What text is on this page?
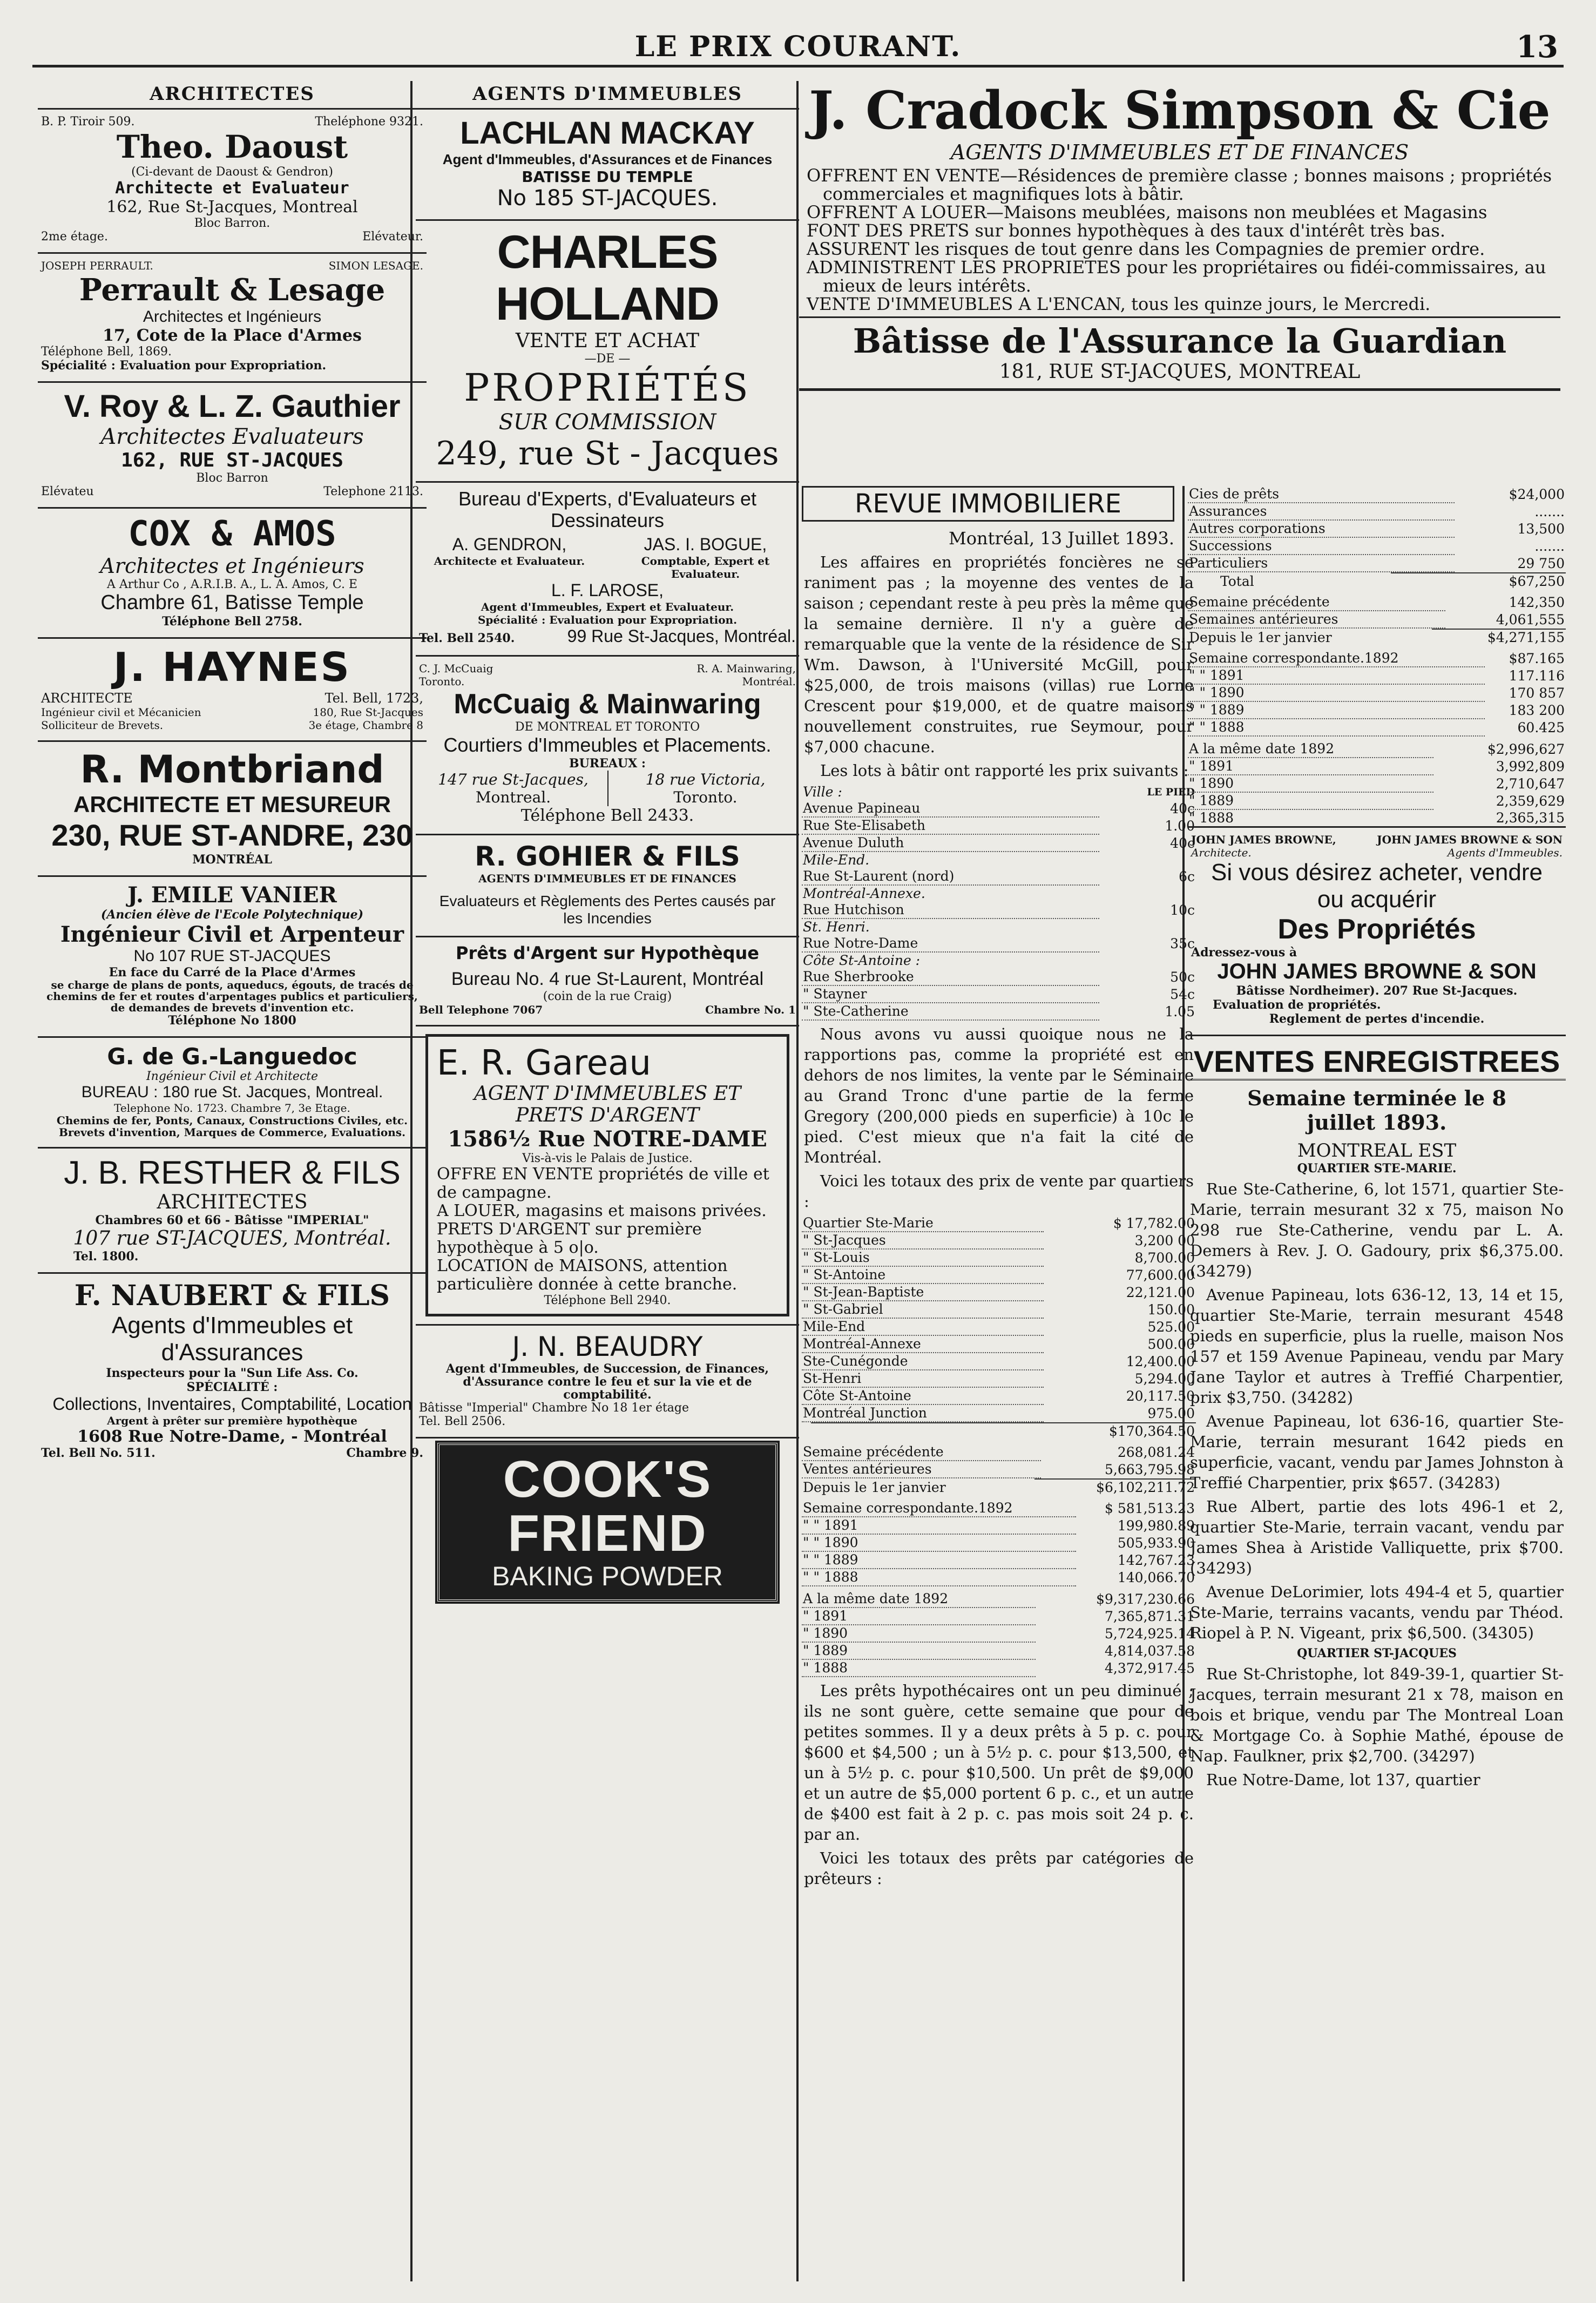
LE PRIX COURANT.	13
ARCHITECTES
B. P. Tiroir 509.	Theléphone 9321.
Theo. Daoust
(Ci-devant de Daoust & Gendron)
Architecte et Evaluateur
162, Rue St-Jacques, Montreal
Bloc Barron.
2me étage.	Elévateur.
JOSEPH PERRAULT.	SIMON LESAGE.
Perrault & Lesage
Architectes et Ingénieurs
17, Cote de la Place d'Armes
Téléphone Bell, 1869.
Spécialité : Evaluation pour Expropriation.
V. Roy & L. Z. Gauthier
Architectes Evaluateurs
162, RUE ST-JACQUES
Bloc Barron
Elévateu	Telephone 2113.
COX & AMOS
Architectes et Ingénieurs
A Arthur Co , A.R.I.B. A., L. A. Amos, C. E
Chambre 61, Batisse Temple
Téléphone Bell 2758.
J. HAYNES
ARCHITECTE	Tel. Bell, 1723,
Ingénieur civil et Mécanicien	180, Rue St-Jacques
Solliciteur de Brevets.	3e étage, Chambre 8
R. Montbriand
ARCHITECTE ET MESUREUR
230, RUE ST-ANDRE, 230
MONTRÉAL
J. EMILE VANIER
(Ancien élève de l'Ecole Polytechnique)
Ingénieur Civil et Arpenteur
No 107 RUE ST-JACQUES
En face du Carré de la Place d'Armes
se charge de plans de ponts, aqueducs, égouts, de tracés de chemins de fer et routes d'arpentages publics et particuliers, de demandes de brevets d'invention etc.
Téléphone No 1800
G. de G.-Languedoc
Ingénieur Civil et Architecte
BUREAU : 180 rue St. Jacques, Montreal.
Telephone No. 1723. Chambre 7, 3e Etage.
Chemins de fer, Ponts, Canaux, Constructions Civiles, etc. Brevets d'invention, Marques de Commerce, Evaluations.
J. B. RESTHER & FILS
ARCHITECTES
Chambres 60 et 66 - Bâtisse "IMPERIAL"
107 rue ST-JACQUES, Montréal.
Tel. 1800.
F. NAUBERT & FILS
Agents d'Immeubles et d'Assurances
Inspecteurs pour la "Sun Life Ass. Co.
SPÉCIALITÉ :
Collections, Inventaires, Comptabilité, Location
Argent à prêter sur première hypothèque
1608 Rue Notre-Dame, - Montréal
Tel. Bell No. 511.	Chambre 9.
AGENTS D'IMMEUBLES
LACHLAN MACKAY
Agent d'Immeubles, d'Assurances et de Finances
BATISSE DU TEMPLE
No 185 ST-JACQUES.
CHARLES HOLLAND
VENTE ET ACHAT
—DE —
PROPRIÉTÉS
SUR COMMISSION
249, rue St - Jacques
Bureau d'Experts, d'Evaluateurs et Dessinateurs
A. GENDRON,
Architecte et Evaluateur.
JAS. I. BOGUE,
Comptable, Expert et Evaluateur.
L. F. LAROSE,
Agent d'Immeubles, Expert et Evaluateur.
Spécialité : Evaluation pour Expropriation.
Tel. Bell 2540.	99 Rue St-Jacques, Montréal.
C. J. McCuaig	R. A. Mainwaring,
Toronto.	Montréal.
McCuaig & Mainwaring
DE MONTREAL ET TORONTO
Courtiers d'Immeubles et Placements.
BUREAUX :
147 rue St-Jacques,
Montreal.
18 rue Victoria,
Toronto.
Téléphone Bell 2433.
R. GOHIER & FILS
AGENTS D'IMMEUBLES ET DE FINANCES
Evaluateurs et Règlements des Pertes causés par les Incendies
Prêts d'Argent sur Hypothèque
Bureau No. 4 rue St-Laurent, Montréal
(coin de la rue Craig)
Bell Telephone 7067	Chambre No. 1
E. R. Gareau
AGENT D'IMMEUBLES ET PRETS D'ARGENT
1586½ Rue NOTRE-DAME
Vis-à-vis le Palais de Justice.
OFFRE EN VENTE propriétés de ville et de campagne.
A LOUER, magasins et maisons privées.
PRETS D'ARGENT sur première hypothèque à 5 o|o.
LOCATION de MAISONS, attention particulière donnée à cette branche.
Téléphone Bell 2940.
J. N. BEAUDRY
Agent d'Immeubles, de Succession, de Finances, d'Assurance contre le feu et sur la vie et de comptabilité.
Bâtisse "Imperial" Chambre No 18 1er étage
Tel. Bell 2506.
COOK'S FRIEND
BAKING POWDER
J. Cradock Simpson & Cie
AGENTS D'IMMEUBLES ET DE FINANCES
OFFRENT EN VENTE—Résidences de première classe ; bonnes maisons ; propriétés commerciales et magnifiques lots à bâtir.
OFFRENT A LOUER—Maisons meublées, maisons non meublées et Magasins
FONT DES PRETS sur bonnes hypothèques à des taux d'intérêt très bas.
ASSURENT les risques de tout genre dans les Compagnies de premier ordre.
ADMINISTRENT LES PROPRIETES pour les propriétaires ou fidéi-commissaires, au mieux de leurs intérêts.
VENTE D'IMMEUBLES A L'ENCAN, tous les quinze jours, le Mercredi.
Bâtisse de l'Assurance la Guardian
181, RUE ST-JACQUES, MONTREAL
REVUE IMMOBILIERE
Montréal, 13 Juillet 1893.
Les affaires en propriétés foncières ne se raniment pas ; la moyenne des ventes de la saison ; cependant reste à peu près la même que la semaine dernière. Il n'y a guère de remarquable que la vente de la résidence de Sir Wm. Dawson, à l'Université McGill, pour $25,000, de trois maisons (villas) rue Lorne Crescent pour $19,000, et de quatre maisons nouvellement construites, rue Seymour, pour $7,000 chacune.
Les lots à bâtir ont rapporté les prix suivants :
Ville :	LE PIED
Avenue Papineau	40c
Rue Ste-Elisabeth	1.00
Avenue Duluth	40c
Mile-End.	
Rue St-Laurent (nord)	6c
Montréal-Annexe.	
Rue Hutchison	10c
St. Henri.	
Rue Notre-Dame	35c
Côte St-Antoine :	
Rue Sherbrooke	50c
" Stayner	54c
" Ste-Catherine	1.05
Nous avons vu aussi quoique nous ne la rapportions pas, comme la propriété est en dehors de nos limites, la vente par le Séminaire au Grand Tronc d'une partie de la ferme Gregory (200,000 pieds en superficie) à 10c le pied. C'est mieux que n'a fait la cité de Montréal.
Voici les totaux des prix de vente par quartiers :
Quartier Ste-Marie	$ 17,782.00
" St-Jacques	3,200 00
" St-Louis	8,700.00
" St-Antoine	77,600.00
" St-Jean-Baptiste	22,121.00
" St-Gabriel	150.00
Mile-End	525.00
Montréal-Annexe	500.00
Ste-Cunégonde	12,400.00
St-Henri	5,294.00
Côte St-Antoine	20,117.50
Montréal Junction	975.00
	$170,364.50
Semaine précédente	268,081.24
Ventes antérieures	5,663,795.98
Depuis le 1er janvier	$6,102,211.72
Semaine correspondante.1892	$ 581,513.23
" " 1891	199,980.89
" " 1890	505,933.90
" " 1889	142,767.23
" " 1888	140,066.70
A la même date 1892	$9,317,230.66
" 1891	7,365,871.31
" 1890	5,724,925.14
" 1889	4,814,037.58
" 1888	4,372,917.45
Les prêts hypothécaires ont un peu diminué ; ils ne sont guère, cette semaine que pour de petites sommes. Il y a deux prêts à 5 p. c. pour $600 et $4,500 ; un à 5½ p. c. pour $13,500, et un à 5½ p. c. pour $10,500. Un prêt de $9,000 et un autre de $5,000 portent 6 p. c., et un autre de $400 est fait à 2 p. c. pas mois soit 24 p. c. par an.
Voici les totaux des prêts par catégories de prêteurs :
Cies de prêts	$24,000
Assurances	.......
Autres corporations	13,500
Successions	.......
Particuliers	29 750
Total	$67,250
Semaine précédente	142,350
Semaines antérieures	4,061,555
Depuis le 1er janvier	$4,271,155
Semaine correspondante.1892	$87.165
" " 1891	117.116
" " 1890	170 857
" " 1889	183 200
" " 1888	60.425
A la même date 1892	$2,996,627
" 1891	3,992,809
" 1890	2,710,647
" 1889	2,359,629
" 1888	2,365,315
JOHN JAMES BROWNE,	JOHN JAMES BROWNE & SON
Architecte.	Agents d'Immeubles.
Si vous désirez acheter, vendre
ou acquérir
Des Propriétés
Adressez-vous à
JOHN JAMES BROWNE & SON
Bâtisse Nordheimer). 207 Rue St-Jacques.
Evaluation de propriétés.
Reglement de pertes d'incendie.
VENTES ENREGISTREES
Semaine terminée le 8 juillet 1893.
MONTREAL EST
QUARTIER STE-MARIE.
Rue Ste-Catherine, 6, lot 1571, quartier Ste-Marie, terrain mesurant 32 x 75, maison No 298 rue Ste-Catherine, vendu par L. A. Demers à Rev. J. O. Gadoury, prix $6,375.00. (34279)
Avenue Papineau, lots 636-12, 13, 14 et 15, quartier Ste-Marie, terrain mesurant 4548 pieds en superficie, plus la ruelle, maison Nos 157 et 159 Avenue Papineau, vendu par Mary Jane Taylor et autres à Treffié Charpentier, prix $3,750. (34282)
Avenue Papineau, lot 636-16, quartier Ste-Marie, terrain mesurant 1642 pieds en superficie, vacant, vendu par James Johnston à Treffié Charpentier, prix $657. (34283)
Rue Albert, partie des lots 496-1 et 2, quartier Ste-Marie, terrain vacant, vendu par James Shea à Aristide Valliquette, prix $700. (34293)
Avenue DeLorimier, lots 494-4 et 5, quartier Ste-Marie, terrains vacants, vendu par Théod. Riopel à P. N. Vigeant, prix $6,500. (34305)
QUARTIER ST-JACQUES
Rue St-Christophe, lot 849-39-1, quartier St-Jacques, terrain mesurant 21 x 78, maison en bois et brique, vendu par The Montreal Loan & Mortgage Co. à Sophie Mathé, épouse de Nap. Faulkner, prix $2,700. (34297)
Rue Notre-Dame, lot 137, quartier
